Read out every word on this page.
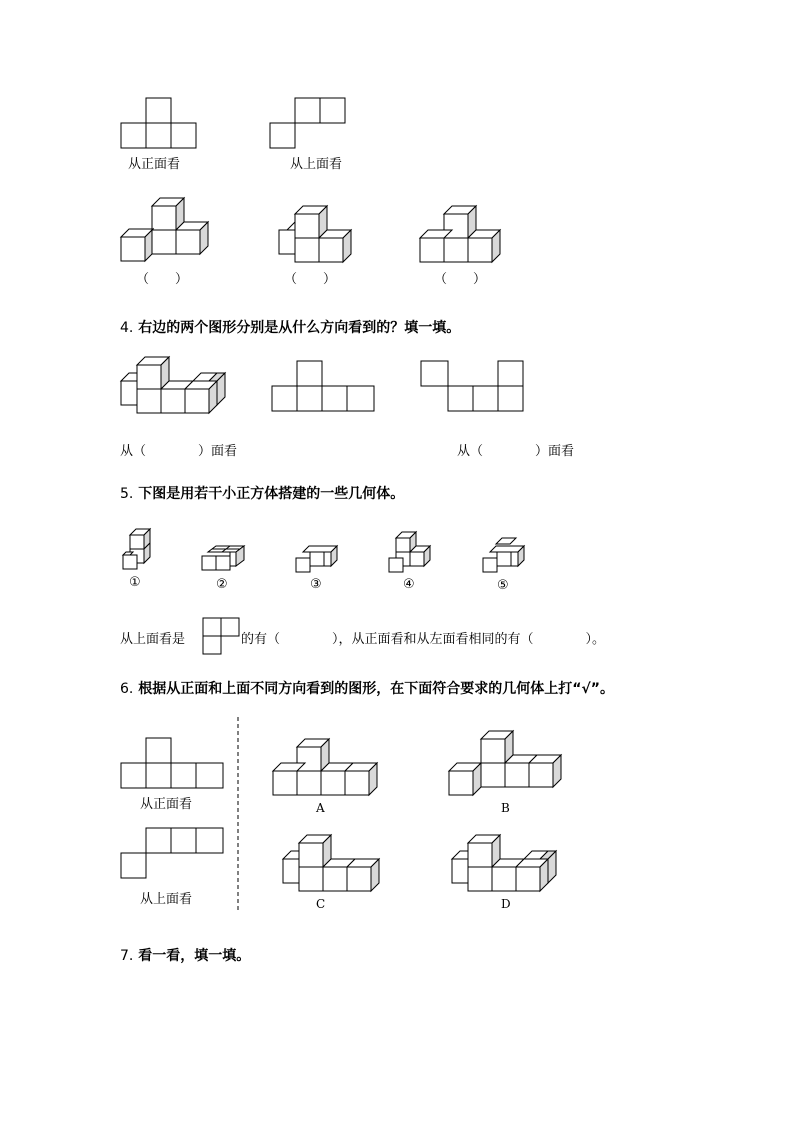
从正面看	从上面看
（　　）	（　　）	（　　）
4. 右边的两个图形分别是从什么方向看到的？填一填。
从（　　　　）面看	从（　　　　）面看
5. 下图是用若干小正方体搭建的一些几何体。
①	②	③	④	⑤
从上面看是	的有（　　　　），从正面看和从左面看相同的有（　　　　）。
6. 根据从正面和上面不同方向看到的图形，在下面符合要求的几何体上打“√”。
从正面看
从上面看
A	B
C	D
7. 看一看，填一填。
